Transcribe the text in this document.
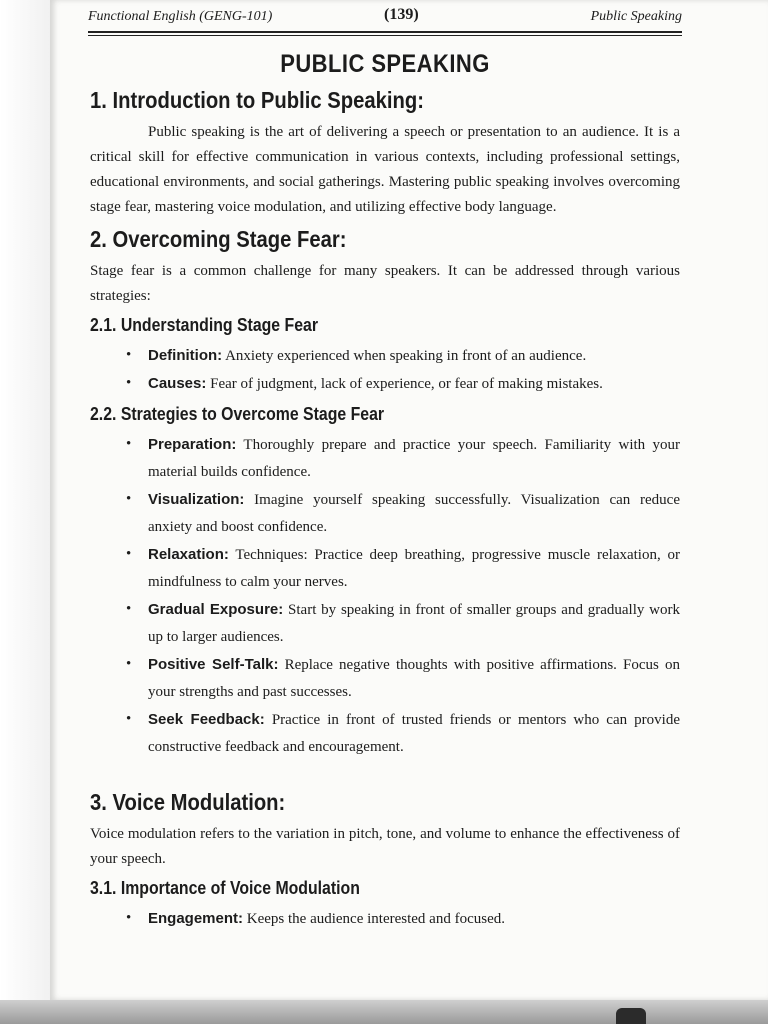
Functional English (GENG-101)	(139)	Public Speaking
PUBLIC SPEAKING
1. Introduction to Public Speaking:

Public speaking is the art of delivering a speech or presentation to an audience. It is a critical skill for effective communication in various contexts, including professional settings, educational environments, and social gatherings. Mastering public speaking involves overcoming stage fear, mastering voice modulation, and utilizing effective body language.

2. Overcoming Stage Fear:

Stage fear is a common challenge for many speakers. It can be addressed through various strategies:

2.1. Understanding Stage Fear
• Definition: Anxiety experienced when speaking in front of an audience.
• Causes: Fear of judgment, lack of experience, or fear of making mistakes.
2.2. Strategies to Overcome Stage Fear
• Preparation: Thoroughly prepare and practice your speech. Familiarity with your material builds confidence.
• Visualization: Imagine yourself speaking successfully. Visualization can reduce anxiety and boost confidence.
• Relaxation: Techniques: Practice deep breathing, progressive muscle relaxation, or mindfulness to calm your nerves.
• Gradual Exposure: Start by speaking in front of smaller groups and gradually work up to larger audiences.
• Positive Self-Talk: Replace negative thoughts with positive affirmations. Focus on your strengths and past successes.
• Seek Feedback: Practice in front of trusted friends or mentors who can provide constructive feedback and encouragement.
3. Voice Modulation:

Voice modulation refers to the variation in pitch, tone, and volume to enhance the effectiveness of your speech.

3.1. Importance of Voice Modulation
• Engagement: Keeps the audience interested and focused.
